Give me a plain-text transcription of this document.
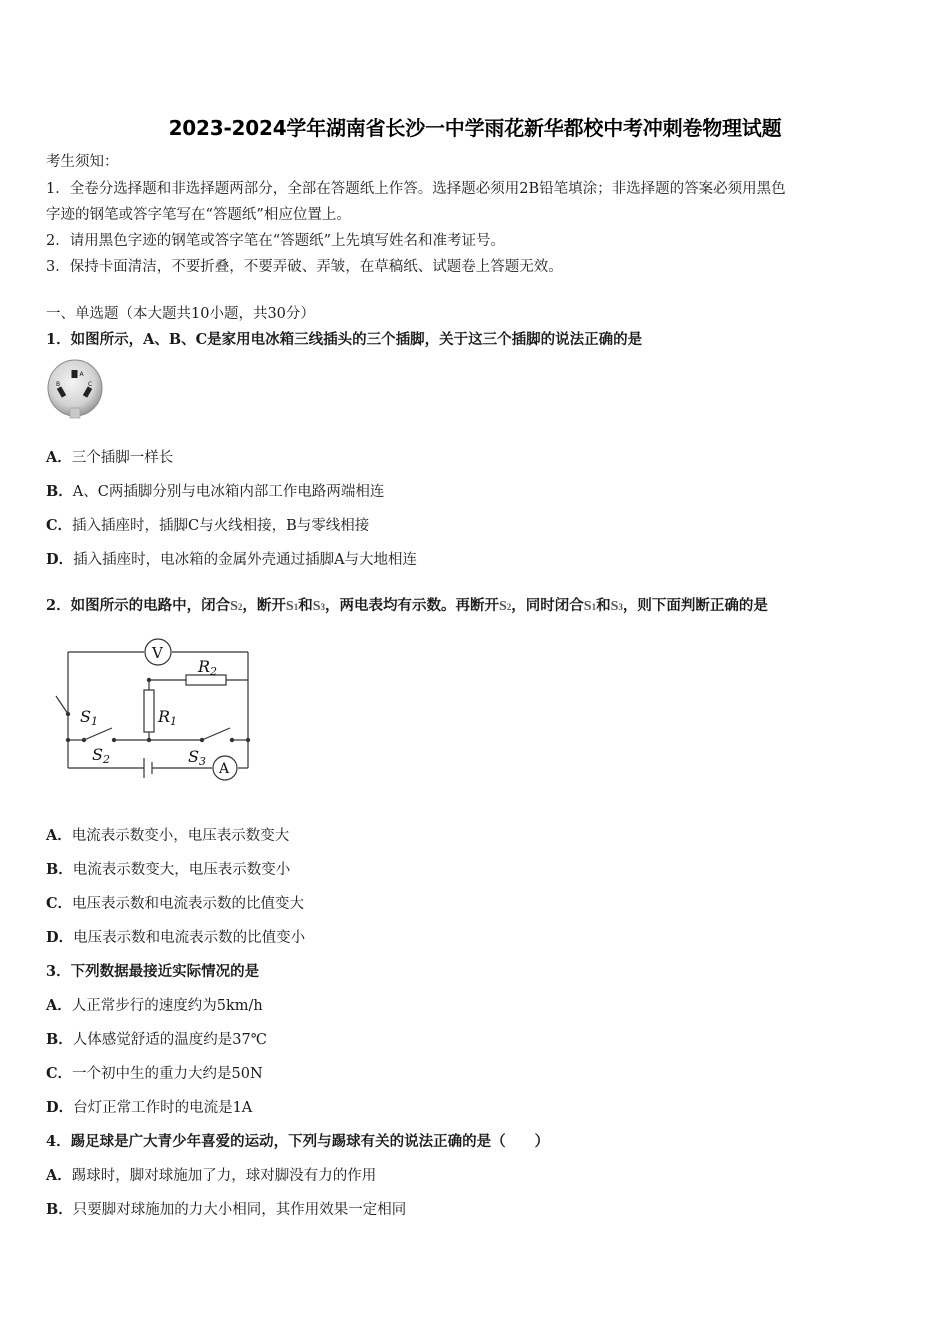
2023-2024学年湖南省长沙一中学雨花新华都校中考冲刺卷物理试题
考生须知：
1．全卷分选择题和非选择题两部分，全部在答题纸上作答。选择题必须用2B铅笔填涂；非选择题的答案必须用黑色
字迹的钢笔或答字笔写在“答题纸”相应位置上。
2．请用黑色字迹的钢笔或答字笔在“答题纸”上先填写姓名和准考证号。
3．保持卡面清洁，不要折叠，不要弄破、弄皱，在草稿纸、试题卷上答题无效。
一、单选题（本大题共10小题，共30分）
1．如图所示，A、B、C是家用电冰箱三线插头的三个插脚，关于这三个插脚的说法正确的是
A
B	C
A．三个插脚一样长
B．A、C两插脚分别与电冰箱内部工作电路两端相连
C．插入插座时，插脚C与火线相接，B与零线相接
D．插入插座时，电冰箱的金属外壳通过插脚A与大地相连
2．如图所示的电路中，闭合S2，断开S1和S3，两电表均有示数。再断开S2，同时闭合S1和S3，则下面判断正确的是
V
A
R2
R1
S1
S2	S3
A．电流表示数变小，电压表示数变大
B．电流表示数变大，电压表示数变小
C．电压表示数和电流表示数的比值变大
D．电压表示数和电流表示数的比值变小
3．下列数据最接近实际情况的是
A．人正常步行的速度约为5km/h
B．人体感觉舒适的温度约是37℃
C．一个初中生的重力大约是50N
D．台灯正常工作时的电流是1A
4．踢足球是广大青少年喜爱的运动，下列与踢球有关的说法正确的是（　　）
A．踢球时，脚对球施加了力，球对脚没有力的作用
B．只要脚对球施加的力大小相同，其作用效果一定相同
